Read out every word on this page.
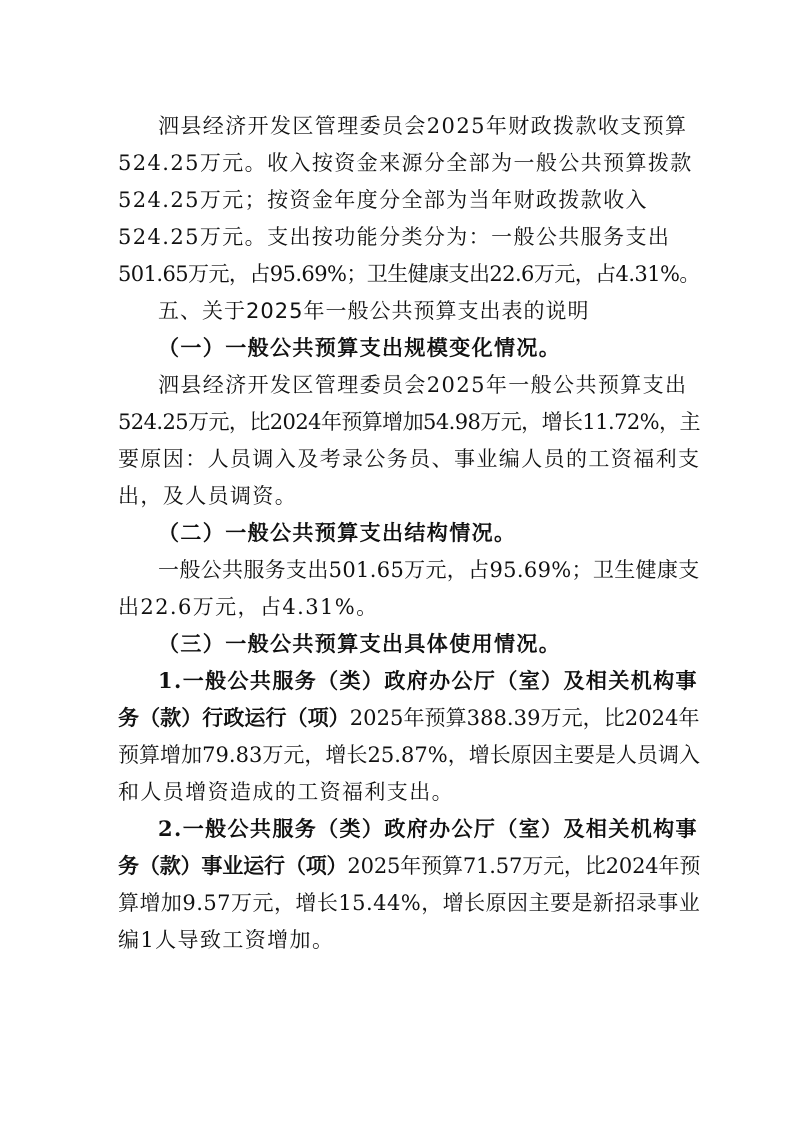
泗县经济开发区管理委员会2025年财政拨款收支预算
524.25万元。收入按资金来源分全部为一般公共预算拨款
524.25万元；按资金年度分全部为当年财政拨款收入
524.25万元。支出按功能分类分为：一般公共服务支出
501.65万元，占95.69%；卫生健康支出22.6万元，占4.31%。
五、关于2025年一般公共预算支出表的说明
（一）一般公共预算支出规模变化情况。
泗县经济开发区管理委员会2025年一般公共预算支出
524.25万元，比2024年预算增加54.98万元，增长11.72%，主
要原因：人员调入及考录公务员、事业编人员的工资福利支
出，及人员调资。
（二）一般公共预算支出结构情况。
一般公共服务支出501.65万元，占95.69%；卫生健康支
出22.6万元，占4.31%。
（三）一般公共预算支出具体使用情况。
1.一般公共服务（类）政府办公厅（室）及相关机构事
务（款）行政运行（项）2025年预算388.39万元，比2024年
预算增加79.83万元，增长25.87%，增长原因主要是人员调入
和人员增资造成的工资福利支出。
2.一般公共服务（类）政府办公厅（室）及相关机构事
务（款）事业运行（项）2025年预算71.57万元，比2024年预
算增加9.57万元，增长15.44%，增长原因主要是新招录事业
编1人导致工资增加。
